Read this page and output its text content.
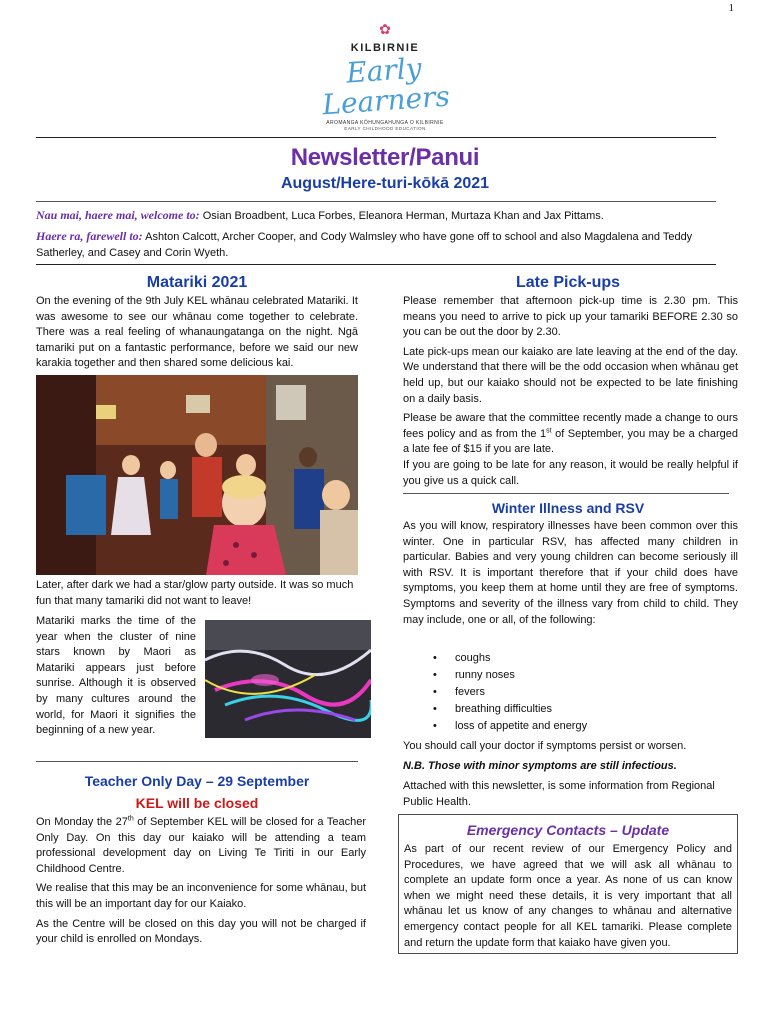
1
✿
KILBIRNIE
Early Learners
AROMANGA KŌHUNGAHUNGA O KILBIRNIE
EARLY CHILDHOOD EDUCATION
Newsletter/Panui
August/Here-turi-kōkā 2021
Nau mai, haere mai, welcome to: Osian Broadbent, Luca Forbes, Eleanora Herman, Murtaza Khan and Jax Pittams.
Haere ra, farewell to: Ashton Calcott, Archer Cooper, and Cody Walmsley who have gone off to school and also Magdalena and Teddy Satherley, and Casey and Corin Wyeth.
Matariki 2021
On the evening of the 9th July KEL whānau celebrated Matariki. It was awesome to see our whānau come together to celebrate. There was a real feeling of whanaungatanga on the night. Ngā tamariki put on a fantastic performance, before we said our new karakia together and then shared some delicious kai.
Later, after dark we had a star/glow party outside. It was so much fun that many tamariki did not want to leave!
Matariki marks the time of the year when the cluster of nine stars known by Maori as Matariki appears just before sunrise. Although it is observed by many cultures around the world, for Maori it signifies the beginning of a new year.
Teacher Only Day – 29 September
KEL will be closed

On Monday the 27th of September KEL will be closed for a Teacher Only Day. On this day our kaiako will be attending a team professional development day on Living Te Tiriti in our Early Childhood Centre.

We realise that this may be an inconvenience for some whānau, but this will be an important day for our Kaiako.

As the Centre will be closed on this day you will not be charged if your child is enrolled on Mondays.

Late Pick-ups

Please remember that afternoon pick-up time is 2.30 pm. This means you need to arrive to pick up your tamariki BEFORE 2.30 so you can be out the door by 2.30.

Late pick-ups mean our kaiako are late leaving at the end of the day. We understand that there will be the odd occasion when whānau get held up, but our kaiako should not be expected to be late finishing on a daily basis.

Please be aware that the committee recently made a change to ours fees policy and as from the 1st of September, you may be a charged a late fee of $15 if you are late.

If you are going to be late for any reason, it would be really helpful if you give us a quick call.

Winter Illness and RSV
As you will know, respiratory illnesses have been common over this winter. One in particular RSV, has affected many children in particular. Babies and very young children can become seriously ill with RSV. It is important therefore that if your child does have symptoms, you keep them at home until they are free of symptoms. Symptoms and severity of the illness vary from child to child. They may include, one or all, of the following:
• coughs
• runny noses
• fevers
• breathing difficulties
• loss of appetite and energy
You should call your doctor if symptoms persist or worsen.
N.B. Those with minor symptoms are still infectious.
Attached with this newsletter, is some information from Regional Public Health.
Emergency Contacts – Update
As part of our recent review of our Emergency Policy and Procedures, we have agreed that we will ask all whānau to complete an update form once a year. As none of us can know when we might need these details, it is very important that all whānau let us know of any changes to whānau and alternative emergency contact people for all KEL tamariki. Please complete and return the update form that kaiako have given you.
